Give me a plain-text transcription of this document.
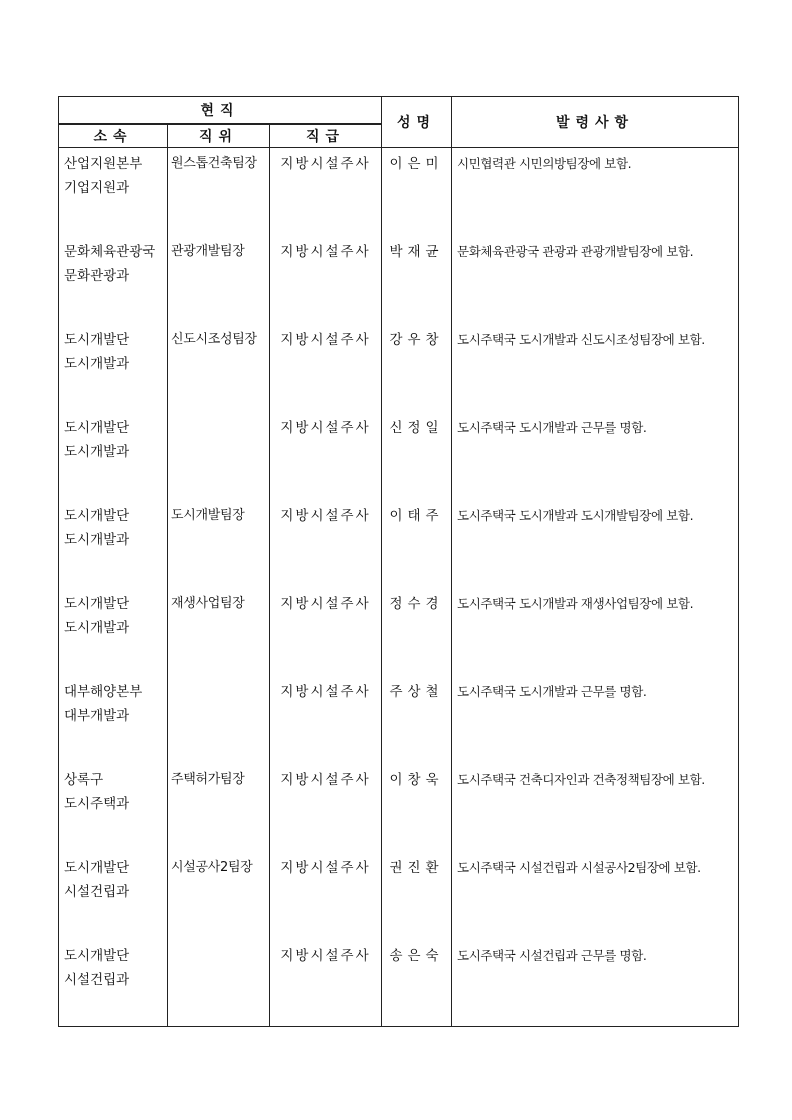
현직			성명	발령사항
소속	직위	직급		

산업지원본부
기업지원과	원스톱건축팀장	지방시설주사	이은미	시민협력관 시민의방팀장에 보함.

문화체육관광국
문화관광과	관광개발팀장	지방시설주사	박재균	문화체육관광국 관광과 관광개발팀장에 보함.

도시개발단
도시개발과	신도시조성팀장	지방시설주사	강우창	도시주택국 도시개발과 신도시조성팀장에 보함.

도시개발단
도시개발과		지방시설주사	신정일	도시주택국 도시개발과 근무를 명함.

도시개발단
도시개발과	도시개발팀장	지방시설주사	이태주	도시주택국 도시개발과 도시개발팀장에 보함.

도시개발단
도시개발과	재생사업팀장	지방시설주사	정수경	도시주택국 도시개발과 재생사업팀장에 보함.

대부해양본부
대부개발과		지방시설주사	주상철	도시주택국 도시개발과 근무를 명함.

상록구
도시주택과	주택허가팀장	지방시설주사	이창욱	도시주택국 건축디자인과 건축정책팀장에 보함.

도시개발단
시설건립과	시설공사2팀장	지방시설주사	권진환	도시주택국 시설건립과 시설공사2팀장에 보함.

도시개발단
시설건립과		지방시설주사	송은숙	도시주택국 시설건립과 근무를 명함.
